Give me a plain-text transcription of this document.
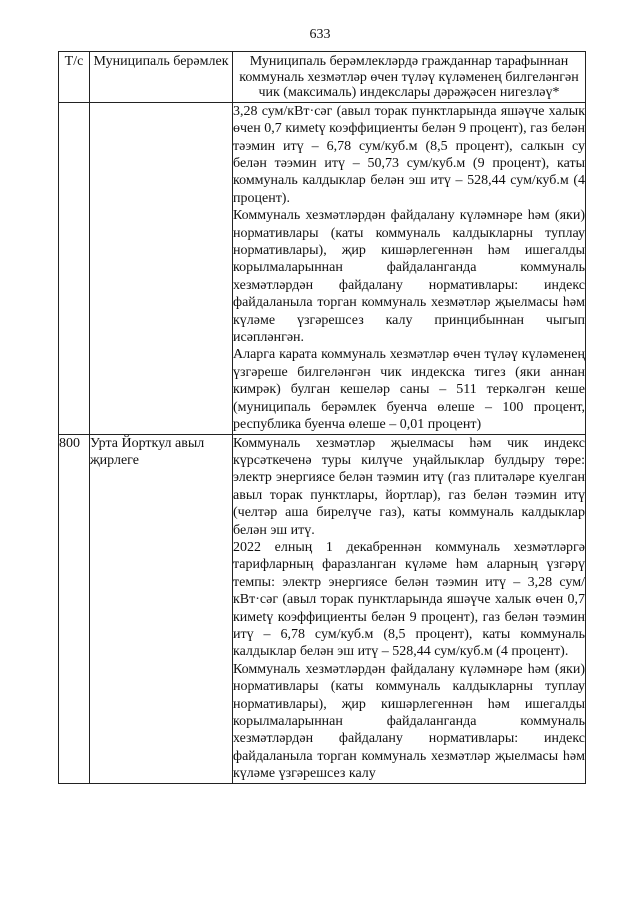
633
Т/с	Муниципаль берәмлек	Муниципаль берәмлекләрдә гражданнар тарафыннан коммуналь хезмәтләр өчен түләү күләменең билгеләнгән чик (максималь) индекслары дәрәҗәсен нигезләү*

		3,28 сум/кВт·сәг (авыл торак пунктларында яшәүче халык өчен 0,7 кимеtү коэффициенты белән 9 процент), газ белән тәэмин итү – 6,78 сум/куб.м (8,5 процент), салкын су белән тәэмин итү – 50,73 сум/куб.м (9 процент), каты коммуналь калдыклар белән эш итү – 528,44 сум/куб.м (4 процент).

Коммуналь хезмәтләрдән файдалану күләмнәре һәм (яки) нормативлары (каты коммуналь калдыкларны туплау нормативлары), җир кишәрлегеннән һәм ишегалды корылмаларыннан файдаланганда коммуналь хезмәтләрдән файдалану нормативлары: индекс файдаланыла торган коммуналь хезмәтләр җыелмасы һәм күләме үзгәрешсез калу принцибыннан чыгып исәпләнгән.

Аларга карата коммуналь хезмәтләр өчен түләү күләменең үзгәреше билгеләнгән чик индекска тигез (яки аннан кимрәк) булган кешеләр саны – 511 теркәлгән кеше (муниципаль берәмлек буенча өлеше – 100 процент, республика буенча өлеше – 0,01 процент)

800	Урта Йорткул авыл җирлеге	Коммуналь хезмәтләр җыелмасы һәм чик индекс күрсәткеченә туры килүче уңайлыклар булдыру төре: электр энергиясе белән тәэмин итү (газ плитәләре куелган авыл торак пунктлары, йортлар), газ белән тәэмин итү (челтәр аша бирелүче газ), каты коммуналь калдыклар белән эш итү.

2022 елның 1 декабреннән коммуналь хезмәтләргә тарифларның фаразланган күләме һәм аларның үзгәрү темпы: электр энергиясе белән тәэмин итү – 3,28 сум/кВт·сәг (авыл торак пунктларында яшәүче халык өчен 0,7 кимеtү коэффициенты белән 9 процент), газ белән тәэмин итү – 6,78 сум/куб.м (8,5 процент), каты коммуналь калдыклар белән эш итү – 528,44 сум/куб.м (4 процент).

Коммуналь хезмәтләрдән файдалану күләмнәре һәм (яки) нормативлары (каты коммуналь калдыкларны туплау нормативлары), җир кишәрлегеннән һәм ишегалды корылмаларыннан файдаланганда коммуналь хезмәтләрдән файдалану нормативлары: индекс файдаланыла торган коммуналь хезмәтләр җыелмасы һәм күләме үзгәрешсез калу
